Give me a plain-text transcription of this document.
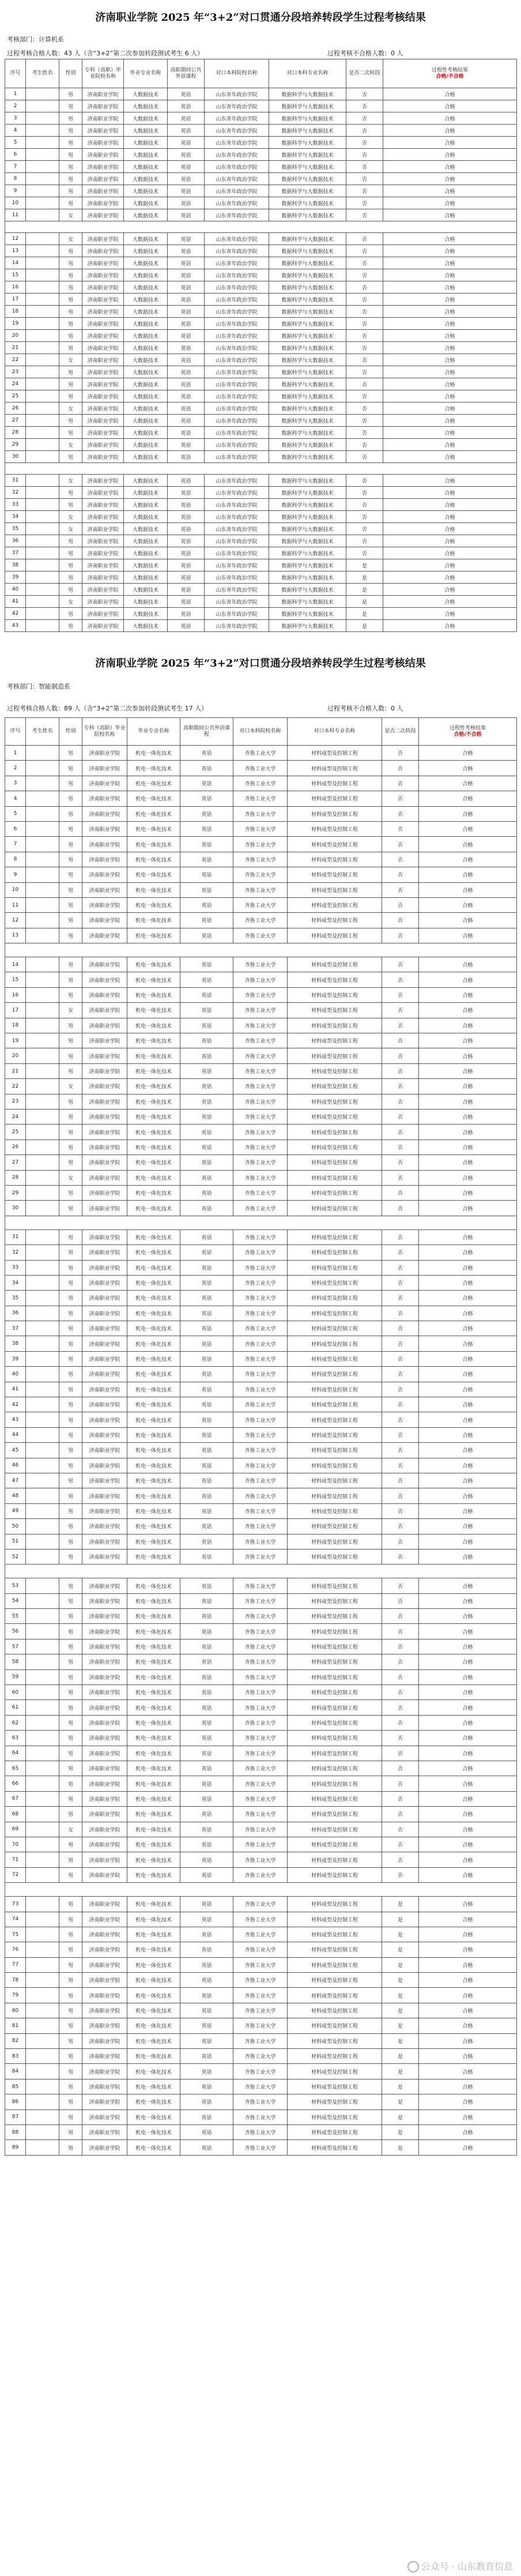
济南职业学院 2025 年“3+2”对口贯通分段培养转段学生过程考核结果
考核部门：计算机系
过程考核合格人数：43 人（含“3+2”第二次参加转段测试考生 6 人）	过程考核不合格人数：0 人
序号	考生姓名	性别	专科（高职）毕业院校名称	毕业专业名称	高职期间公共外语课程	对口本科院校名称	对口本科专业名称	是否二次转段	过程性考核结果
合格/不合格
1		男	济南职业学院	大数据技术	英语	山东青年政治学院	数据科学与大数据技术	否	合格
2		男	济南职业学院	大数据技术	英语	山东青年政治学院	数据科学与大数据技术	否	合格
3		男	济南职业学院	大数据技术	英语	山东青年政治学院	数据科学与大数据技术	否	合格
4		男	济南职业学院	大数据技术	英语	山东青年政治学院	数据科学与大数据技术	否	合格
5		男	济南职业学院	大数据技术	英语	山东青年政治学院	数据科学与大数据技术	否	合格
6		男	济南职业学院	大数据技术	英语	山东青年政治学院	数据科学与大数据技术	否	合格
7		男	济南职业学院	大数据技术	英语	山东青年政治学院	数据科学与大数据技术	否	合格
8		男	济南职业学院	大数据技术	英语	山东青年政治学院	数据科学与大数据技术	否	合格
9		男	济南职业学院	大数据技术	英语	山东青年政治学院	数据科学与大数据技术	否	合格
10		男	济南职业学院	大数据技术	英语	山东青年政治学院	数据科学与大数据技术	否	合格
11		女	济南职业学院	大数据技术	英语	山东青年政治学院	数据科学与大数据技术	否	合格

12		女	济南职业学院	大数据技术	英语	山东青年政治学院	数据科学与大数据技术	否	合格
13		男	济南职业学院	大数据技术	英语	山东青年政治学院	数据科学与大数据技术	否	合格
14		男	济南职业学院	大数据技术	英语	山东青年政治学院	数据科学与大数据技术	否	合格
15		男	济南职业学院	大数据技术	英语	山东青年政治学院	数据科学与大数据技术	否	合格
16		男	济南职业学院	大数据技术	英语	山东青年政治学院	数据科学与大数据技术	否	合格
17		男	济南职业学院	大数据技术	英语	山东青年政治学院	数据科学与大数据技术	否	合格
18		男	济南职业学院	大数据技术	英语	山东青年政治学院	数据科学与大数据技术	否	合格
19		男	济南职业学院	大数据技术	英语	山东青年政治学院	数据科学与大数据技术	否	合格
20		男	济南职业学院	大数据技术	英语	山东青年政治学院	数据科学与大数据技术	否	合格
21		男	济南职业学院	大数据技术	英语	山东青年政治学院	数据科学与大数据技术	否	合格
22		女	济南职业学院	大数据技术	英语	山东青年政治学院	数据科学与大数据技术	否	合格
23		男	济南职业学院	大数据技术	英语	山东青年政治学院	数据科学与大数据技术	否	合格
24		男	济南职业学院	大数据技术	英语	山东青年政治学院	数据科学与大数据技术	否	合格
25		男	济南职业学院	大数据技术	英语	山东青年政治学院	数据科学与大数据技术	否	合格
26		女	济南职业学院	大数据技术	英语	山东青年政治学院	数据科学与大数据技术	否	合格
27		男	济南职业学院	大数据技术	英语	山东青年政治学院	数据科学与大数据技术	否	合格
28		男	济南职业学院	大数据技术	英语	山东青年政治学院	数据科学与大数据技术	否	合格
29		女	济南职业学院	大数据技术	英语	山东青年政治学院	数据科学与大数据技术	否	合格
30		男	济南职业学院	大数据技术	英语	山东青年政治学院	数据科学与大数据技术	否	合格

31		女	济南职业学院	大数据技术	英语	山东青年政治学院	数据科学与大数据技术	否	合格
32		男	济南职业学院	大数据技术	英语	山东青年政治学院	数据科学与大数据技术	否	合格
33		男	济南职业学院	大数据技术	英语	山东青年政治学院	数据科学与大数据技术	否	合格
34		女	济南职业学院	大数据技术	英语	山东青年政治学院	数据科学与大数据技术	否	合格
35		女	济南职业学院	大数据技术	英语	山东青年政治学院	数据科学与大数据技术	否	合格
36		男	济南职业学院	大数据技术	英语	山东青年政治学院	数据科学与大数据技术	否	合格
37		男	济南职业学院	大数据技术	英语	山东青年政治学院	数据科学与大数据技术	否	合格
38		男	济南职业学院	大数据技术	英语	山东青年政治学院	数据科学与大数据技术	是	合格
39		男	济南职业学院	大数据技术	英语	山东青年政治学院	数据科学与大数据技术	是	合格
40		男	济南职业学院	大数据技术	英语	山东青年政治学院	数据科学与大数据技术	是	合格
41		女	济南职业学院	大数据技术	英语	山东青年政治学院	数据科学与大数据技术	是	合格
42		男	济南职业学院	大数据技术	英语	山东青年政治学院	数据科学与大数据技术	是	合格
43		男	济南职业学院	大数据技术	英语	山东青年政治学院	数据科学与大数据技术	是	合格
济南职业学院 2025 年“3+2”对口贯通分段培养转段学生过程考核结果
考核部门：智能制造系
过程考核合格人数：89 人（含“3+2”第二次参加转段测试考生 17 人）	过程考核不合格人数：0 人
序号	考生姓名	性别	专科（高职）毕业院校名称	毕业专业名称	高职期间公共外语课程	对口本科院校名称	对口本科专业名称	是否二次转段	过程性考核结果
合格/不合格
1		男	济南职业学院	机电一体化技术	英语	齐鲁工业大学	材料成型及控制工程	否	合格
2		男	济南职业学院	机电一体化技术	英语	齐鲁工业大学	材料成型及控制工程	否	合格
3		男	济南职业学院	机电一体化技术	英语	齐鲁工业大学	材料成型及控制工程	否	合格
4		男	济南职业学院	机电一体化技术	英语	齐鲁工业大学	材料成型及控制工程	否	合格
5		男	济南职业学院	机电一体化技术	英语	齐鲁工业大学	材料成型及控制工程	否	合格
6		男	济南职业学院	机电一体化技术	英语	齐鲁工业大学	材料成型及控制工程	否	合格
7		男	济南职业学院	机电一体化技术	英语	齐鲁工业大学	材料成型及控制工程	否	合格
8		男	济南职业学院	机电一体化技术	英语	齐鲁工业大学	材料成型及控制工程	否	合格
9		男	济南职业学院	机电一体化技术	英语	齐鲁工业大学	材料成型及控制工程	否	合格
10		男	济南职业学院	机电一体化技术	英语	齐鲁工业大学	材料成型及控制工程	否	合格
11		男	济南职业学院	机电一体化技术	英语	齐鲁工业大学	材料成型及控制工程	否	合格
12		男	济南职业学院	机电一体化技术	英语	齐鲁工业大学	材料成型及控制工程	否	合格
13		男	济南职业学院	机电一体化技术	英语	齐鲁工业大学	材料成型及控制工程	否	合格

14		男	济南职业学院	机电一体化技术	英语	齐鲁工业大学	材料成型及控制工程	否	合格
15		男	济南职业学院	机电一体化技术	英语	齐鲁工业大学	材料成型及控制工程	否	合格
16		男	济南职业学院	机电一体化技术	英语	齐鲁工业大学	材料成型及控制工程	否	合格
17		女	济南职业学院	机电一体化技术	英语	齐鲁工业大学	材料成型及控制工程	否	合格
18		男	济南职业学院	机电一体化技术	英语	齐鲁工业大学	材料成型及控制工程	否	合格
19		男	济南职业学院	机电一体化技术	英语	齐鲁工业大学	材料成型及控制工程	否	合格
20		男	济南职业学院	机电一体化技术	英语	齐鲁工业大学	材料成型及控制工程	否	合格
21		男	济南职业学院	机电一体化技术	英语	齐鲁工业大学	材料成型及控制工程	否	合格
22		女	济南职业学院	机电一体化技术	英语	齐鲁工业大学	材料成型及控制工程	否	合格
23		男	济南职业学院	机电一体化技术	英语	齐鲁工业大学	材料成型及控制工程	否	合格
24		男	济南职业学院	机电一体化技术	英语	齐鲁工业大学	材料成型及控制工程	否	合格
25		男	济南职业学院	机电一体化技术	英语	齐鲁工业大学	材料成型及控制工程	否	合格
26		男	济南职业学院	机电一体化技术	英语	齐鲁工业大学	材料成型及控制工程	否	合格
27		男	济南职业学院	机电一体化技术	英语	齐鲁工业大学	材料成型及控制工程	否	合格
28		女	济南职业学院	机电一体化技术	英语	齐鲁工业大学	材料成型及控制工程	否	合格
29		男	济南职业学院	机电一体化技术	英语	齐鲁工业大学	材料成型及控制工程	否	合格
30		男	济南职业学院	机电一体化技术	英语	齐鲁工业大学	材料成型及控制工程	否	合格

31		男	济南职业学院	机电一体化技术	英语	齐鲁工业大学	材料成型及控制工程	否	合格
32		男	济南职业学院	机电一体化技术	英语	齐鲁工业大学	材料成型及控制工程	否	合格
33		男	济南职业学院	机电一体化技术	英语	齐鲁工业大学	材料成型及控制工程	否	合格
34		男	济南职业学院	机电一体化技术	英语	齐鲁工业大学	材料成型及控制工程	否	合格
35		男	济南职业学院	机电一体化技术	英语	齐鲁工业大学	材料成型及控制工程	否	合格
36		男	济南职业学院	机电一体化技术	英语	齐鲁工业大学	材料成型及控制工程	否	合格
37		男	济南职业学院	机电一体化技术	英语	齐鲁工业大学	材料成型及控制工程	否	合格
38		男	济南职业学院	机电一体化技术	英语	齐鲁工业大学	材料成型及控制工程	否	合格
39		男	济南职业学院	机电一体化技术	英语	齐鲁工业大学	材料成型及控制工程	否	合格
40		男	济南职业学院	机电一体化技术	英语	齐鲁工业大学	材料成型及控制工程	否	合格
41		男	济南职业学院	机电一体化技术	英语	齐鲁工业大学	材料成型及控制工程	否	合格
42		男	济南职业学院	机电一体化技术	英语	齐鲁工业大学	材料成型及控制工程	否	合格
43		男	济南职业学院	机电一体化技术	英语	齐鲁工业大学	材料成型及控制工程	否	合格
44		男	济南职业学院	机电一体化技术	英语	齐鲁工业大学	材料成型及控制工程	否	合格
45		男	济南职业学院	机电一体化技术	英语	齐鲁工业大学	材料成型及控制工程	否	合格
46		男	济南职业学院	机电一体化技术	英语	齐鲁工业大学	材料成型及控制工程	否	合格
47		男	济南职业学院	机电一体化技术	英语	齐鲁工业大学	材料成型及控制工程	否	合格
48		男	济南职业学院	机电一体化技术	英语	齐鲁工业大学	材料成型及控制工程	否	合格
49		男	济南职业学院	机电一体化技术	英语	齐鲁工业大学	材料成型及控制工程	否	合格
50		男	济南职业学院	机电一体化技术	英语	齐鲁工业大学	材料成型及控制工程	否	合格
51		男	济南职业学院	机电一体化技术	英语	齐鲁工业大学	材料成型及控制工程	否	合格
52		男	济南职业学院	机电一体化技术	英语	齐鲁工业大学	材料成型及控制工程	否	合格

53		男	济南职业学院	机电一体化技术	英语	齐鲁工业大学	材料成型及控制工程	否	合格
54		男	济南职业学院	机电一体化技术	英语	齐鲁工业大学	材料成型及控制工程	否	合格
55		男	济南职业学院	机电一体化技术	英语	齐鲁工业大学	材料成型及控制工程	否	合格
56		男	济南职业学院	机电一体化技术	英语	齐鲁工业大学	材料成型及控制工程	否	合格
57		男	济南职业学院	机电一体化技术	英语	齐鲁工业大学	材料成型及控制工程	否	合格
58		男	济南职业学院	机电一体化技术	英语	齐鲁工业大学	材料成型及控制工程	否	合格
59		男	济南职业学院	机电一体化技术	英语	齐鲁工业大学	材料成型及控制工程	否	合格
60		男	济南职业学院	机电一体化技术	英语	齐鲁工业大学	材料成型及控制工程	否	合格
61		男	济南职业学院	机电一体化技术	英语	齐鲁工业大学	材料成型及控制工程	否	合格
62		男	济南职业学院	机电一体化技术	英语	齐鲁工业大学	材料成型及控制工程	否	合格
63		男	济南职业学院	机电一体化技术	英语	齐鲁工业大学	材料成型及控制工程	否	合格
64		男	济南职业学院	机电一体化技术	英语	齐鲁工业大学	材料成型及控制工程	否	合格
65		男	济南职业学院	机电一体化技术	英语	齐鲁工业大学	材料成型及控制工程	否	合格
66		男	济南职业学院	机电一体化技术	英语	齐鲁工业大学	材料成型及控制工程	否	合格
67		男	济南职业学院	机电一体化技术	英语	齐鲁工业大学	材料成型及控制工程	否	合格
68		男	济南职业学院	机电一体化技术	英语	齐鲁工业大学	材料成型及控制工程	否	合格
69		女	济南职业学院	机电一体化技术	英语	齐鲁工业大学	材料成型及控制工程	否	合格
70		男	济南职业学院	机电一体化技术	英语	齐鲁工业大学	材料成型及控制工程	否	合格
71		男	济南职业学院	机电一体化技术	英语	齐鲁工业大学	材料成型及控制工程	否	合格
72		男	济南职业学院	机电一体化技术	英语	齐鲁工业大学	材料成型及控制工程	否	合格

73		男	济南职业学院	机电一体化技术	英语	齐鲁工业大学	材料成型及控制工程	是	合格
74		男	济南职业学院	机电一体化技术	英语	齐鲁工业大学	材料成型及控制工程	是	合格
75		男	济南职业学院	机电一体化技术	英语	齐鲁工业大学	材料成型及控制工程	是	合格
76		男	济南职业学院	机电一体化技术	英语	齐鲁工业大学	材料成型及控制工程	是	合格
77		男	济南职业学院	机电一体化技术	英语	齐鲁工业大学	材料成型及控制工程	是	合格
78		男	济南职业学院	机电一体化技术	英语	齐鲁工业大学	材料成型及控制工程	是	合格
79		男	济南职业学院	机电一体化技术	英语	齐鲁工业大学	材料成型及控制工程	是	合格
80		男	济南职业学院	机电一体化技术	英语	齐鲁工业大学	材料成型及控制工程	是	合格
81		男	济南职业学院	机电一体化技术	英语	齐鲁工业大学	材料成型及控制工程	是	合格
82		男	济南职业学院	机电一体化技术	英语	齐鲁工业大学	材料成型及控制工程	是	合格
83		男	济南职业学院	机电一体化技术	英语	齐鲁工业大学	材料成型及控制工程	是	合格
84		男	济南职业学院	机电一体化技术	英语	齐鲁工业大学	材料成型及控制工程	是	合格
85		男	济南职业学院	机电一体化技术	英语	齐鲁工业大学	材料成型及控制工程	是	合格
86		男	济南职业学院	机电一体化技术	英语	齐鲁工业大学	材料成型及控制工程	是	合格
87		男	济南职业学院	机电一体化技术	英语	齐鲁工业大学	材料成型及控制工程	是	合格
88		男	济南职业学院	机电一体化技术	英语	齐鲁工业大学	材料成型及控制工程	是	合格
89		男	济南职业学院	机电一体化技术	英语	齐鲁工业大学	材料成型及控制工程	是	合格
公众号 · 山东教育信息
